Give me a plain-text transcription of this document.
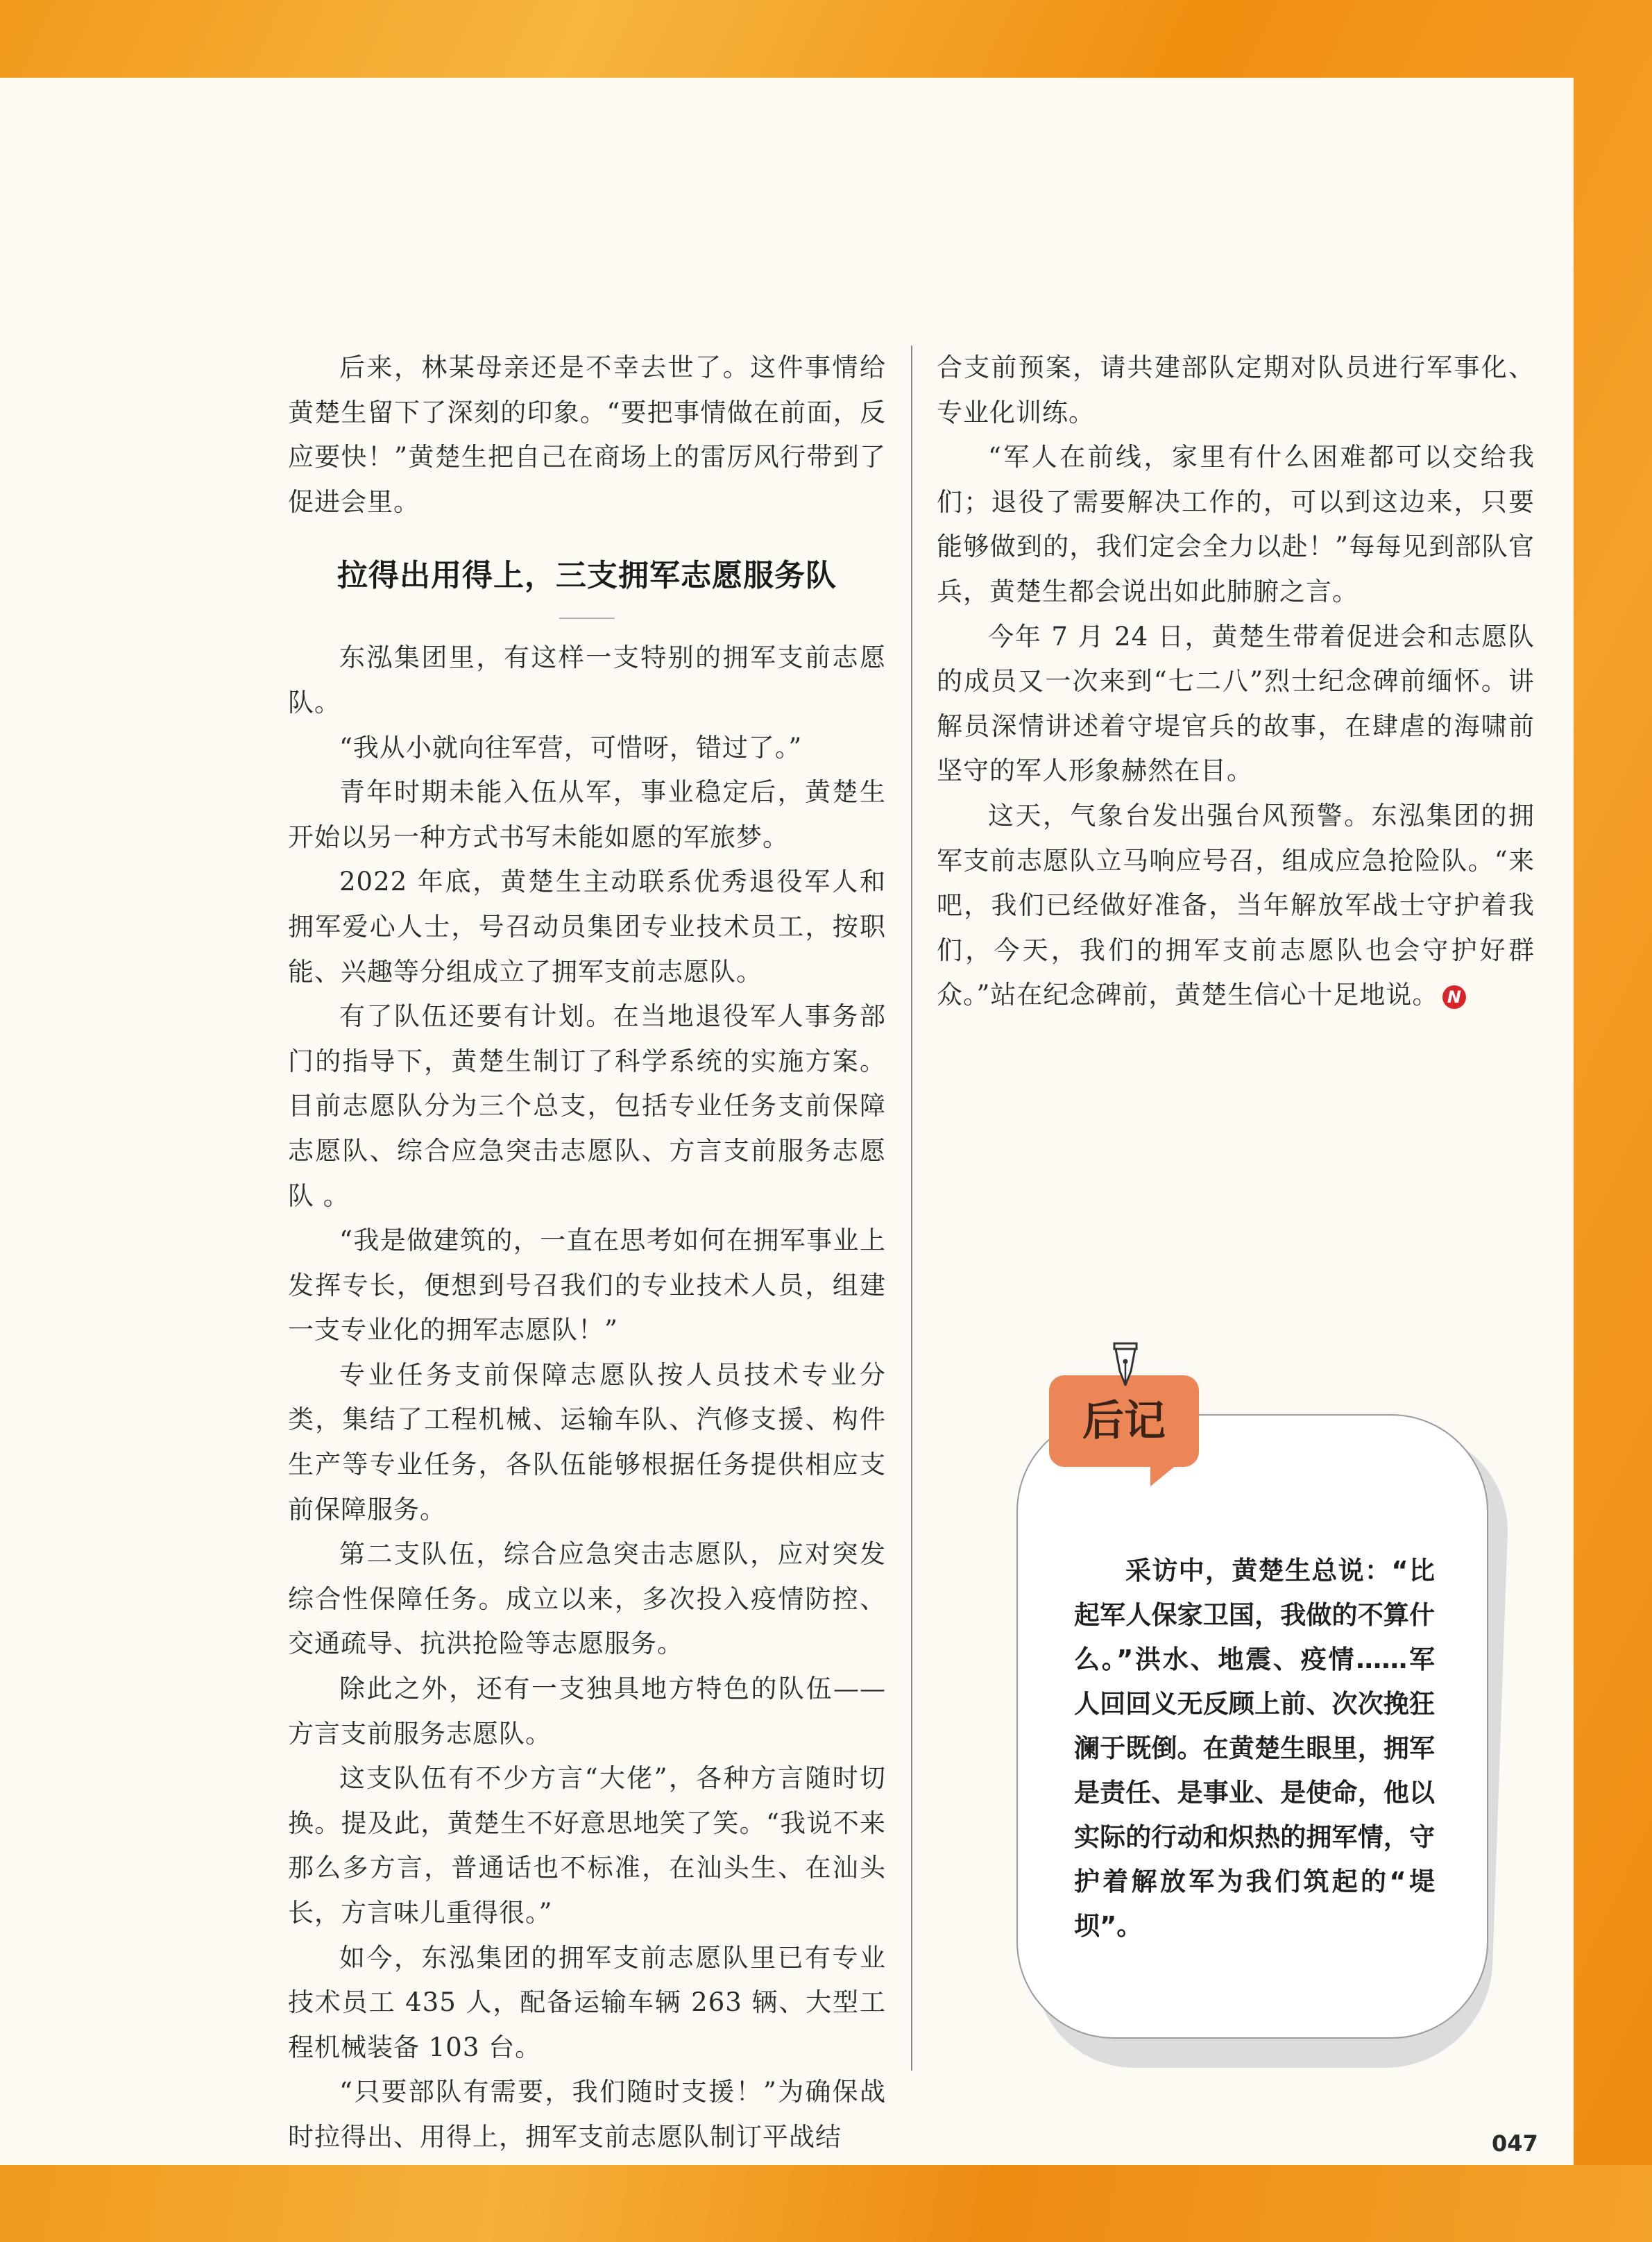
后来，林某母亲还是不幸去世了。这件事情给黄楚生留下了深刻的印象。“要把事情做在前面，反应要快！”黄楚生把自己在商场上的雷厉风行带到了促进会里。

拉得出用得上，三支拥军志愿服务队

东泓集团里，有这样一支特别的拥军支前志愿队。

“我从小就向往军营，可惜呀，错过了。”

青年时期未能入伍从军，事业稳定后，黄楚生开始以另一种方式书写未能如愿的军旅梦。

2022 年底，黄楚生主动联系优秀退役军人和拥军爱心人士，号召动员集团专业技术员工，按职能、兴趣等分组成立了拥军支前志愿队。

有了队伍还要有计划。在当地退役军人事务部门的指导下，黄楚生制订了科学系统的实施方案。目前志愿队分为三个总支，包括专业任务支前保障志愿队、综合应急突击志愿队、方言支前服务志愿队 。

“我是做建筑的，一直在思考如何在拥军事业上发挥专长，便想到号召我们的专业技术人员，组建一支专业化的拥军志愿队！”

专业任务支前保障志愿队按人员技术专业分类，集结了工程机械、运输车队、汽修支援、构件生产等专业任务，各队伍能够根据任务提供相应支前保障服务。

第二支队伍，综合应急突击志愿队，应对突发综合性保障任务。成立以来，多次投入疫情防控、交通疏导、抗洪抢险等志愿服务。

除此之外，还有一支独具地方特色的队伍——方言支前服务志愿队。

这支队伍有不少方言“大佬”，各种方言随时切换。提及此，黄楚生不好意思地笑了笑。“我说不来那么多方言，普通话也不标准，在汕头生、在汕头长，方言味儿重得很。”

如今，东泓集团的拥军支前志愿队里已有专业技术员工 435 人，配备运输车辆 263 辆、大型工程机械装备 103 台。

“只要部队有需要，我们随时支援！”为确保战时拉得出、用得上，拥军支前志愿队制订平战结

合支前预案，请共建部队定期对队员进行军事化、专业化训练。

“军人在前线，家里有什么困难都可以交给我们；退役了需要解决工作的，可以到这边来，只要能够做到的，我们定会全力以赴！”每每见到部队官兵，黄楚生都会说出如此肺腑之言。

今年 7 月 24 日，黄楚生带着促进会和志愿队的成员又一次来到“七二八”烈士纪念碑前缅怀。讲解员深情讲述着守堤官兵的故事，在肆虐的海啸前坚守的军人形象赫然在目。

这天，气象台发出强台风预警。东泓集团的拥军支前志愿队立马响应号召，组成应急抢险队。“来吧，我们已经做好准备，当年解放军战士守护着我们，今天，我们的拥军支前志愿队也会守护好群众。”站在纪念碑前，黄楚生信心十足地说。 N

后记

采访中，黄楚生总说：“比起军人保家卫国，我做的不算什么。”洪水、地震、疫情……军人回回义无反顾上前、次次挽狂澜于既倒。在黄楚生眼里，拥军是责任、是事业、是使命，他以实际的行动和炽热的拥军情，守护着解放军为我们筑起的“堤坝”。

047
